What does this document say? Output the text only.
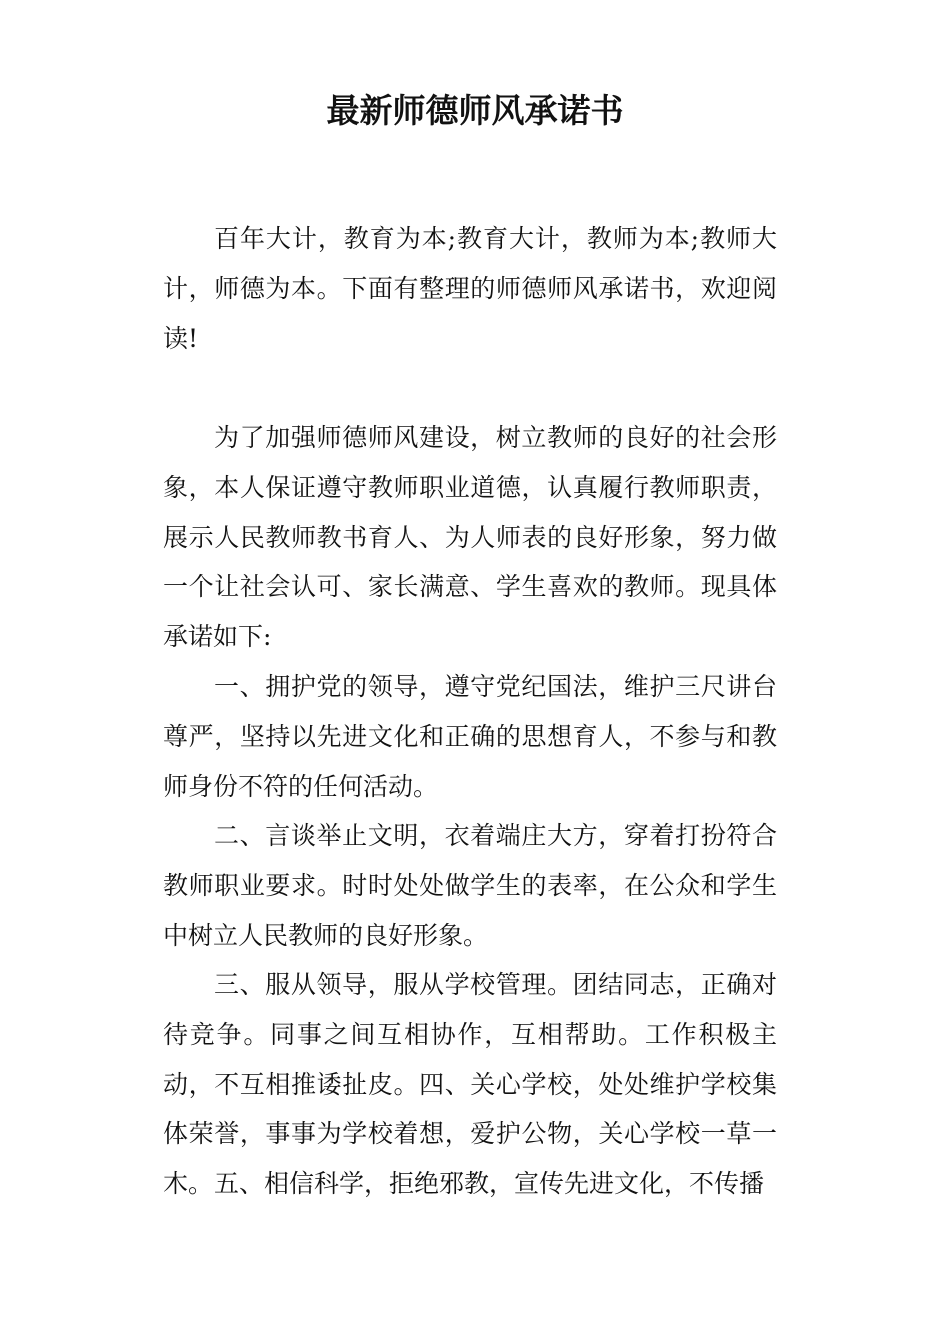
最新师德师风承诺书

百年大计，教育为本;教育大计，教师为本;教师大计，师德为本。下面有整理的师德师风承诺书，欢迎阅读!

为了加强师德师风建设，树立教师的良好的社会形象，本人保证遵守教师职业道德，认真履行教师职责，展示人民教师教书育人、为人师表的良好形象，努力做一个让社会认可、家长满意、学生喜欢的教师。现具体承诺如下:

一、拥护党的领导，遵守党纪国法，维护三尺讲台尊严，坚持以先进文化和正确的思想育人，不参与和教师身份不符的任何活动。

二、言谈举止文明，衣着端庄大方，穿着打扮符合教师职业要求。时时处处做学生的表率，在公众和学生中树立人民教师的良好形象。

三、服从领导，服从学校管理。团结同志，正确对待竞争。同事之间互相协作，互相帮助。工作积极主动，不互相推诿扯皮。四、关心学校，处处维护学校集体荣誉，事事为学校着想，爱护公物，关心学校一草一木。 五、相信科学，拒绝邪教，宣传先进文化，不传播
